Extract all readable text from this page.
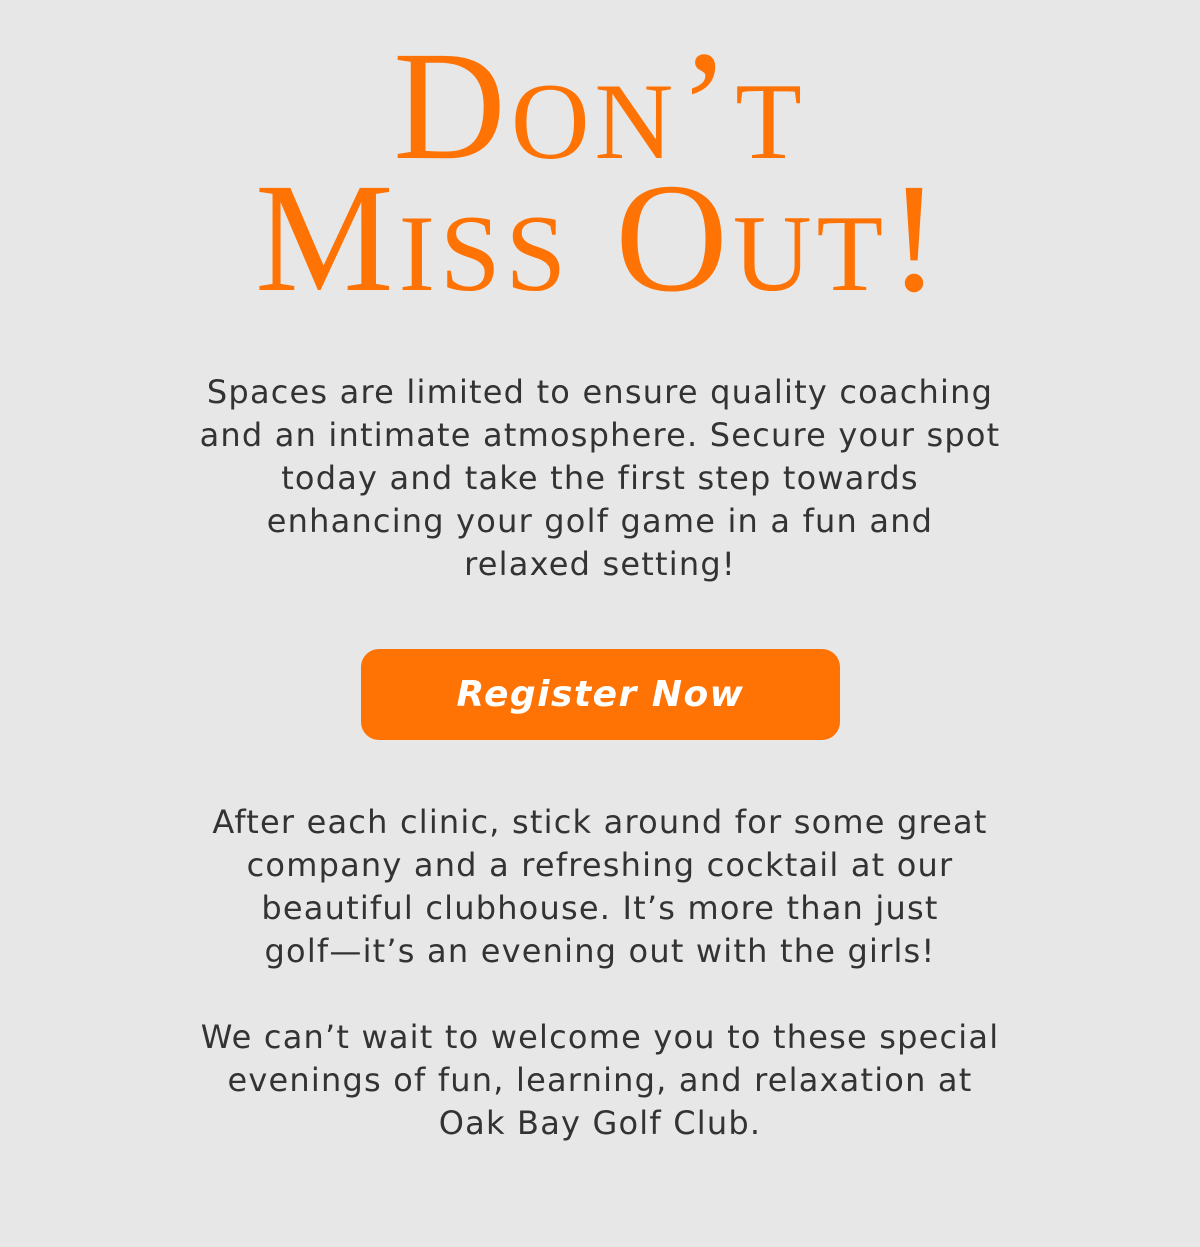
Don’t
Miss Out!
Spaces are limited to ensure quality coaching
and an intimate atmosphere. Secure your spot
today and take the first step towards
enhancing your golf game in a fun and
relaxed setting!
Register Now
After each clinic, stick around for some great
company and a refreshing cocktail at our
beautiful clubhouse. It’s more than just
golf—it’s an evening out with the girls!
We can’t wait to welcome you to these special
evenings of fun, learning, and relaxation at
Oak Bay Golf Club.
